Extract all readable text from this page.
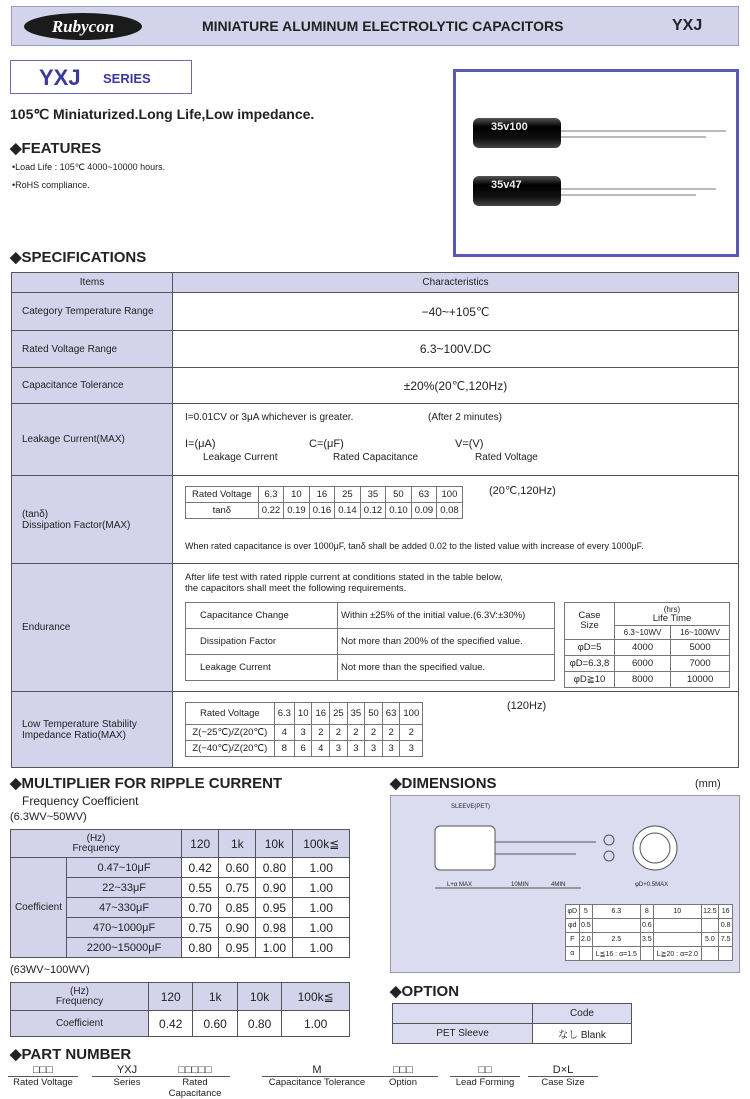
Rubycon	MINIATURE ALUMINUM ELECTROLYTIC CAPACITORS	YXJ
YXJ SERIES
105℃ Miniaturized.Long Life,Low impedance.
◆FEATURES
•Load Life : 105℃ 4000~10000 hours.
•RoHS compliance.
35v100
35v47
◆SPECIFICATIONS
Items	Characteristics
Category Temperature Range	−40~+105℃
Rated Voltage Range	6.3~100V.DC
Capacitance Tolerance	±20%(20℃,120Hz)
Leakage Current(MAX)	
I=0.01CV or 3μA whichever is greater.	(After 2 minutes)
I=(μA)
Leakage Current
C=(μF)
Rated Capacitance
V=(V)
Rated Voltage

(tanδ)
Dissipation Factor(MAX)

Rated Voltage	6.3	10	16	25	35	50	63	100
tanδ	0.22	0.19	0.16	0.14	0.12	0.10	0.09	0.08
(20℃,120Hz)
When rated capacitance is over 1000μF, tanδ shall be added 0.02 to the listed value with increase of every 1000μF.

Endurance	
After life test with rated ripple current at conditions stated in the table below,
the capacitors shall meet the following requirements.
Capacitance Change	Within ±25% of the initial value.(6.3V:±30%)
Dissipation Factor	Not more than 200% of the specified value.
Leakage Current	Not more than the specified value.
Case Size	(hrs)
Life Time
6.3~10WV	16~100WV
φD=5	4000	5000
φD=6.3,8	6000	7000
φD≧10	8000	10000

Low Temperature Stability
Impedance Ratio(MAX)

Rated Voltage	6.3	10	16	25	35	50	63	100
Z(−25℃)/Z(20℃)	4	3	2	2	2	2	2	2
Z(−40℃)/Z(20℃)	8	6	4	3	3	3	3	3
(120Hz)
◆MULTIPLIER FOR RIPPLE CURRENT
Frequency Coefficient
(6.3WV~50WV)
(Hz)
Frequency		120	1k	10k	100k≦
Coefficient	0.47~10μF	0.42	0.60	0.80	1.00
	22~33μF	0.55	0.75	0.90	1.00
	47~330μF	0.70	0.85	0.95	1.00
	470~1000μF	0.75	0.90	0.98	1.00
	2200~15000μF	0.80	0.95	1.00	1.00
(63WV~100WV)
(Hz)
Frequency	120	1k	10k	100k≦
Coefficient	0.42	0.60	0.80	1.00
◆DIMENSIONS	(mm)
SLEEVE(PET)
L+α MAX	10MIN	4MIN	φD+0.5MAX
φD	5	6.3	8	10	12.5	16
φd	0.5		0.6			0.8
F	2.0	2.5	3.5		5.0	7.5
α		L≦16 : α=1.5		L≧20 : α=2.0		
◆OPTION
	Code
PET Sleeve	なし Blank
◆PART NUMBER
□□□
Rated Voltage
YXJ
Series
□□□□□
Rated Capacitance
M
Capacitance Tolerance
□□□
Option
□□
Lead Forming
D×L
Case Size
